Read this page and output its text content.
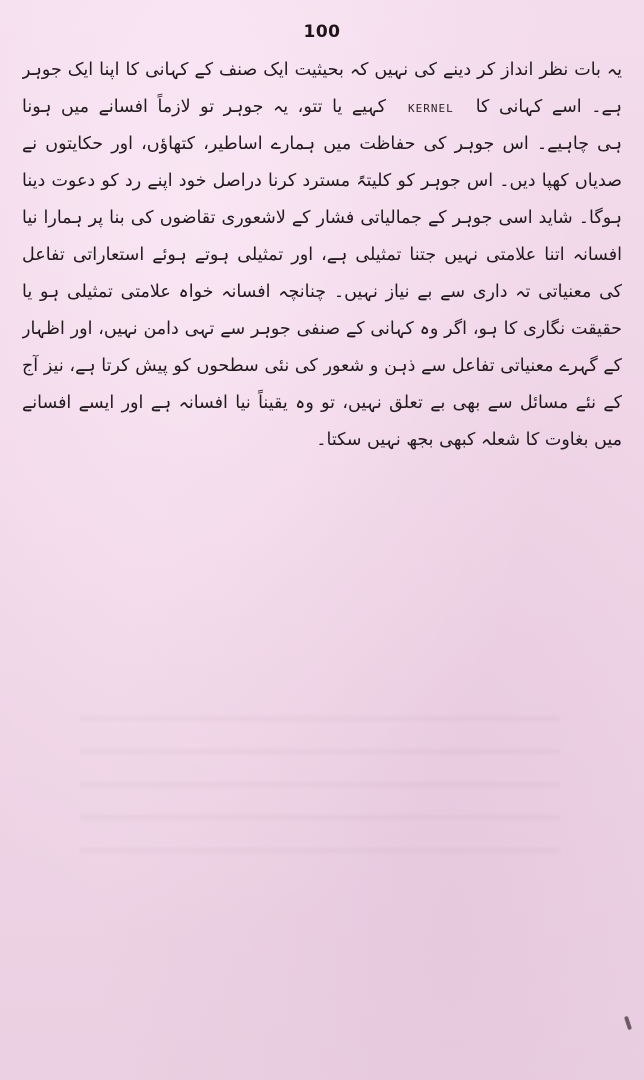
100
یہ بات نظر انداز کر دینے کی نہیں کہ بحیثیت ایک صنف کے کہانی کا اپنا ایک جوہر
ہے۔ اسے کہانی کاKERNELکہیے یا تتو، یہ جوہر تو لازماً افسانے میں ہونا
ہی چاہیے۔ اس جوہر کی حفاظت میں ہمارے اساطیر، کتھاؤں، اور حکایتوں نے
صدیاں کھپا دیں۔ اس جوہر کو کلیتہً مسترد کرنا دراصل خود اپنے رد کو دعوت دینا
ہوگا۔ شاید اسی جوہر کے جمالیاتی فشار کے لاشعوری تقاضوں کی بنا پر ہمارا نیا
افسانہ اتنا علامتی نہیں جتنا تمثیلی ہے، اور تمثیلی ہوتے ہوئے استعاراتی تفاعل
کی معنیاتی تہ داری سے بے نیاز نہیں۔ چنانچہ افسانہ خواہ علامتی تمثیلی ہو یا
حقیقت نگاری کا ہو، اگر وہ کہانی کے صنفی جوہر سے تہی دامن نہیں، اور اظہار
کے گہرے معنیاتی تفاعل سے ذہن و شعور کی نئی سطحوں کو پیش کرتا ہے، نیز آج
کے نئے مسائل سے بھی بے تعلق نہیں، تو وہ یقیناً نیا افسانہ ہے اور ایسے افسانے
میں بغاوت کا شعلہ کبھی بجھ نہیں سکتا۔
